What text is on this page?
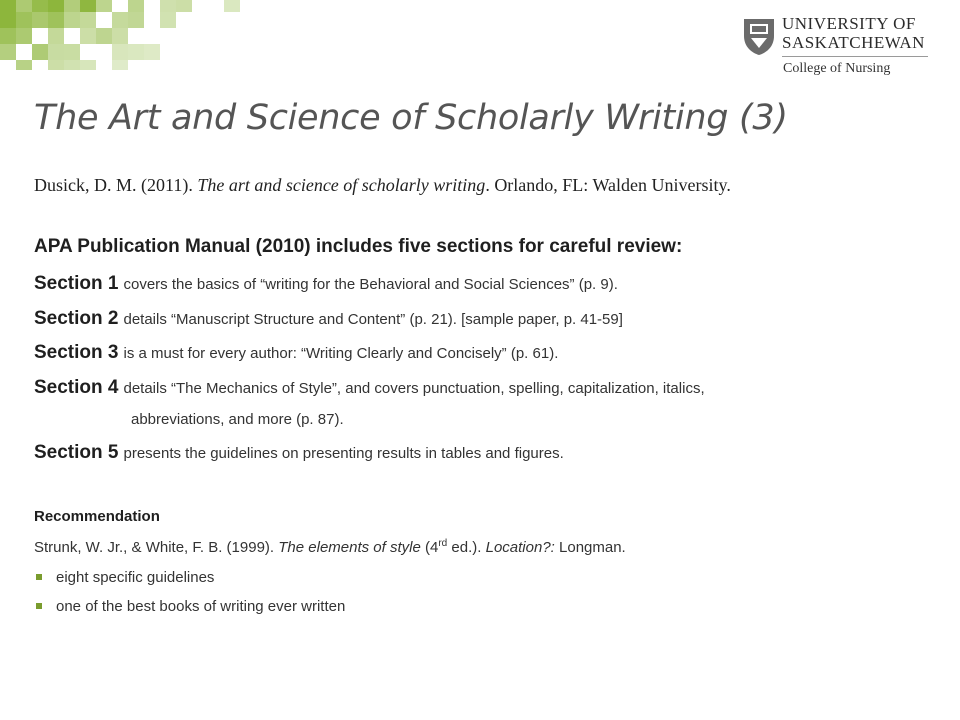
UNIVERSITY OF
SASKATCHEWAN
College of Nursing
The Art and Science of Scholarly Writing (3)
Dusick, D. M. (2011). The art and science of scholarly writing. Orlando, FL: Walden University.
APA Publication Manual (2010) includes five sections for careful review:
Section 1 covers the basics of “writing for the Behavioral and Social Sciences” (p. 9).
Section 2 details “Manuscript Structure and Content” (p. 21). [sample paper, p. 41-59]
Section 3 is a must for every author: “Writing Clearly and Concisely” (p. 61).
Section 4 details “The Mechanics of Style”, and covers punctuation, spelling, capitalization, italics,
abbreviations, and more (p. 87).
Section 5 presents the guidelines on presenting results in tables and figures.
Recommendation
Strunk, W. Jr., & White, F. B. (1999). The elements of style (4rd ed.). Location?: Longman.
eight specific guidelines
one of the best books of writing ever written
